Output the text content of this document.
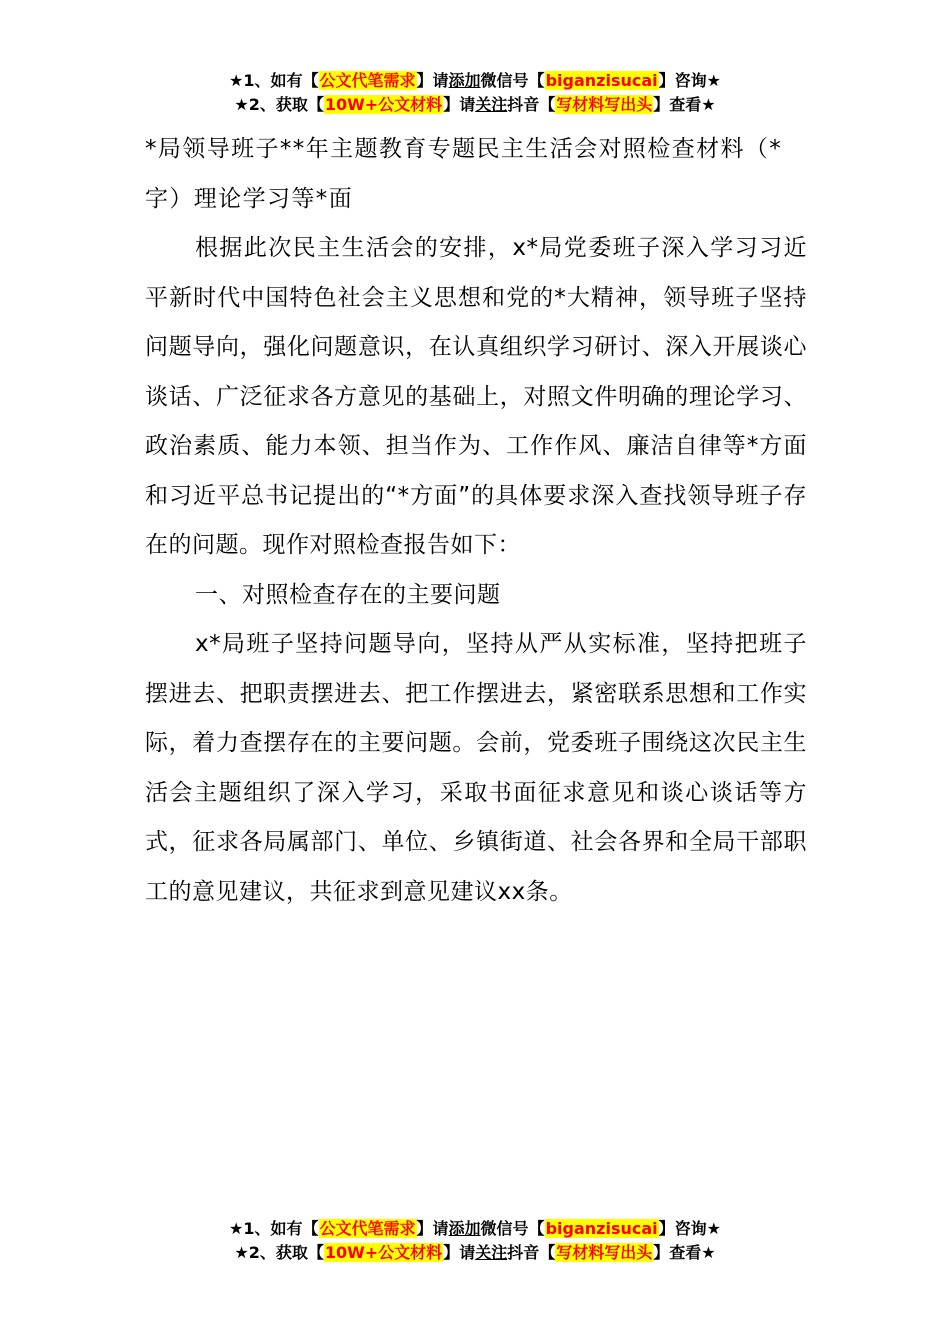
★1、如有【公文代笔需求】请添加微信号【biganzisucai】咨询★
★2、获取【10W+公文材料】请关注抖音【写材料写出头】查看★

*局领导班子**年主题教育专题民主生活会对照检查材料（*字）理论学习等*面

根据此次民主生活会的安排，x*局党委班子深入学习习近平新时代中国特色社会主义思想和党的*大精神，领导班子坚持问题导向，强化问题意识，在认真组织学习研讨、深入开展谈心谈话、广泛征求各方意见的基础上，对照文件明确的理论学习、政治素质、能力本领、担当作为、工作作风、廉洁自律等*方面和习近平总书记提出的“*方面”的具体要求深入查找领导班子存在的问题。现作对照检查报告如下：

一、对照检查存在的主要问题

x*局班子坚持问题导向，坚持从严从实标准，坚持把班子摆进去、把职责摆进去、把工作摆进去，紧密联系思想和工作实际，着力查摆存在的主要问题。会前，党委班子围绕这次民主生活会主题组织了深入学习，采取书面征求意见和谈心谈话等方式，征求各局属部门、单位、乡镇街道、社会各界和全局干部职工的意见建议，共征求到意见建议xx条。

★1、如有【公文代笔需求】请添加微信号【biganzisucai】咨询★
★2、获取【10W+公文材料】请关注抖音【写材料写出头】查看★
